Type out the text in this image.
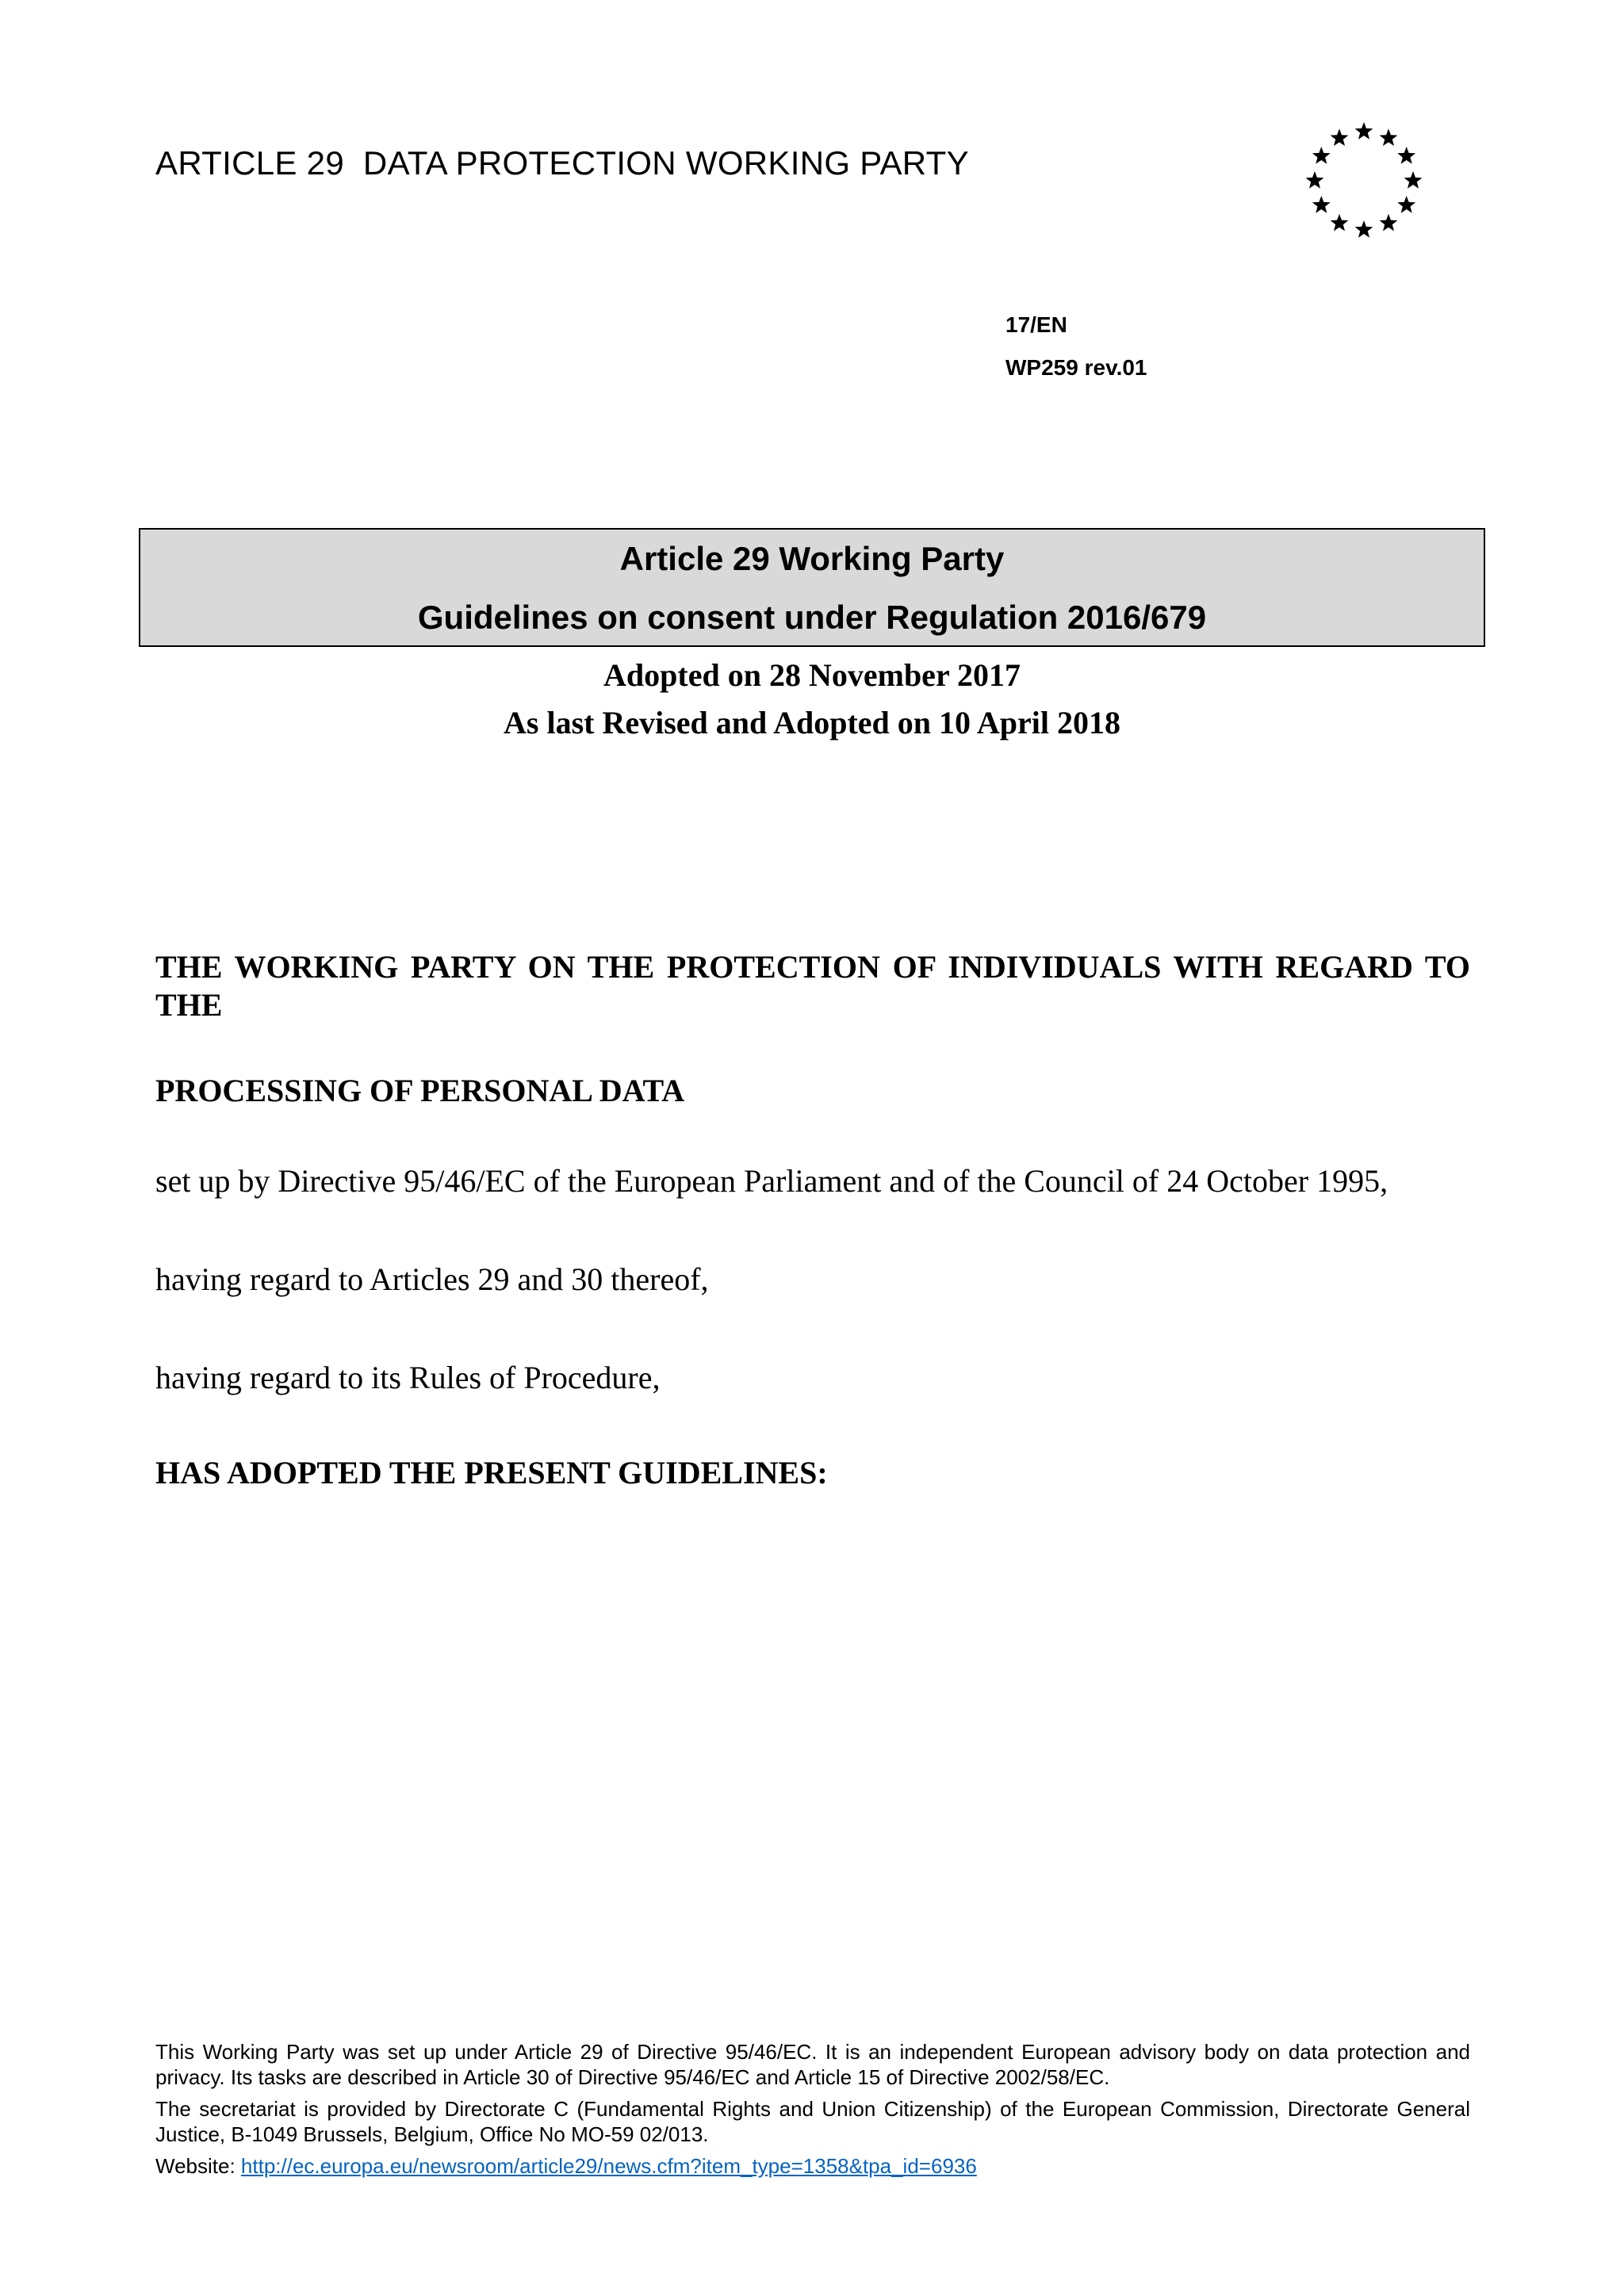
ARTICLE 29  DATA PROTECTION WORKING PARTY
17/EN
WP259 rev.01
Article 29 Working Party
Guidelines on consent under Regulation 2016/679
Adopted on 28 November 2017
As last Revised and Adopted on 10 April 2018

THE WORKING PARTY ON THE PROTECTION OF INDIVIDUALS WITH REGARD TO THE

PROCESSING OF PERSONAL DATA

set up by Directive 95/46/EC of the European Parliament and of the Council of 24 October 1995,

having regard to Articles 29 and 30 thereof,

having regard to its Rules of Procedure,

HAS ADOPTED THE PRESENT GUIDELINES:

This Working Party was set up under Article 29 of Directive 95/46/EC. It is an independent European advisory body on data protection and privacy. Its tasks are described in Article 30 of Directive 95/46/EC and Article 15 of Directive 2002/58/EC.

The secretariat is provided by Directorate C (Fundamental Rights and Union Citizenship) of the European Commission, Directorate General Justice, B-1049 Brussels, Belgium, Office No MO-59 02/013.

Website: http://ec.europa.eu/newsroom/article29/news.cfm?item_type=1358&tpa_id=6936
